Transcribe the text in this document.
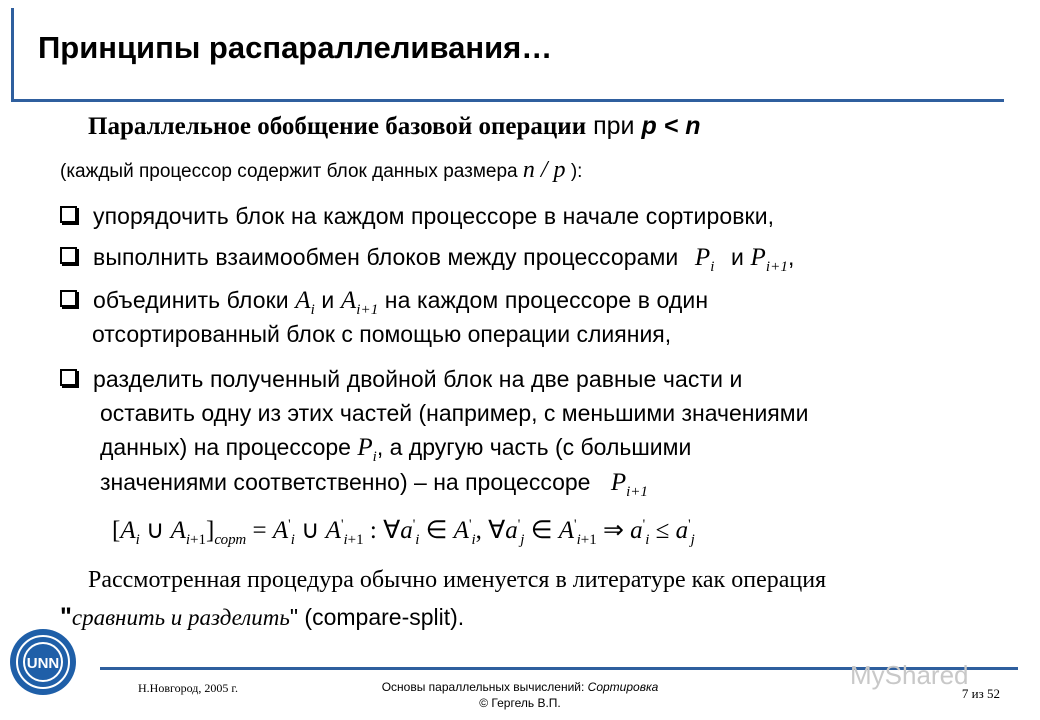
Принципы распараллеливания…
Параллельное обобщение базовой операции при p < n
(каждый процессор содержит блок данных размера n / p ):
упорядочить блок на каждом процессоре в начале сортировки,
выполнить взаимообмен блоков между процессорами $P_i$ и $P_{i+1}$,
объединить блоки $A_i$ и $A_{i+1}$ на каждом процессоре в один
отсортированный блок с помощью операции слияния,
разделить полученный двойной блок на две равные части и
оставить одну из этих частей (например, с меньшими значениями
данных) на процессоре $P_i$, а другую часть (с большими
значениями соответственно) – на процессоре $P_{i+1}$
[$A_i$ ∪ $A_{i+1}]_{сорт} = A'_i$ ∪ $A'_{i+1}$ : $\forall a'_i$ ∈ $A'_i$, $\forall a'_j$ ∈ $A'_{i+1}$ ⇒ $a'_i \le a'_j$
Рассмотренная процедура обычно именуется в литературе как операция
"сравнить и разделить" (compare-split).
UNN
Н.Новгород, 2005 г.	Основы параллельных вычислений: Сортировка
© Гергель В.П.
MyShared
7 из 52
